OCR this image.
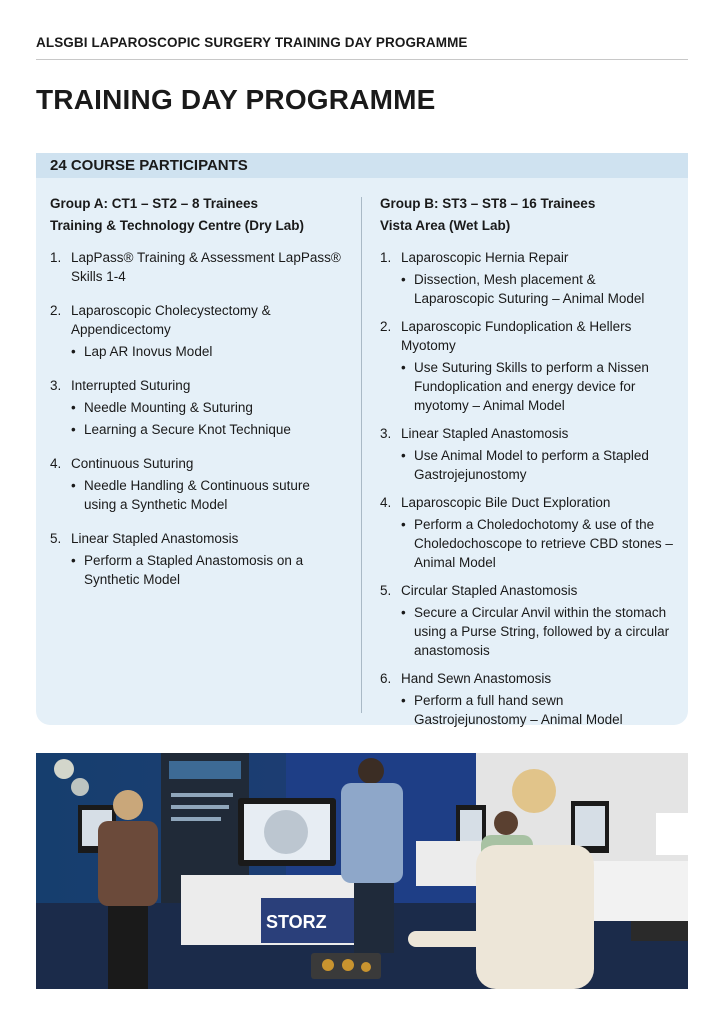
ALSGBI LAPAROSCOPIC SURGERY TRAINING DAY PROGRAMME
TRAINING DAY PROGRAMME
24 COURSE PARTICIPANTS
Group A: CT1 – ST2 – 8 Trainees
Training & Technology Centre (Dry Lab)
1. LapPass® Training & Assessment LapPass® Skills 1-4
2. Laparoscopic Cholecystectomy & Appendicectomy
• Lap AR Inovus Model
3. Interrupted Suturing
• Needle Mounting & Suturing
• Learning a Secure Knot Technique
4. Continuous Suturing
• Needle Handling & Continuous suture using a Synthetic Model
5. Linear Stapled Anastomosis
• Perform a Stapled Anastomosis on a Synthetic Model
Group B: ST3 – ST8 – 16 Trainees
Vista Area (Wet Lab)
1. Laparoscopic Hernia Repair
• Dissection, Mesh placement & Laparoscopic Suturing – Animal Model
2. Laparoscopic Fundoplication & Hellers Myotomy
• Use Suturing Skills to perform a Nissen Fundoplication and energy device for myotomy – Animal Model
3. Linear Stapled Anastomosis
• Use Animal Model to perform a Stapled Gastrojejunostomy
4. Laparoscopic Bile Duct Exploration
• Perform a Choledochotomy & use of the Choledochoscope to retrieve CBD stones – Animal Model
5. Circular Stapled Anastomosis
• Secure a Circular Anvil within the stomach using a Purse String, followed by a circular anastomosis
6. Hand Sewn Anastomosis
• Perform a full hand sewn Gastrojejunostomy – Animal Model
STORZ
